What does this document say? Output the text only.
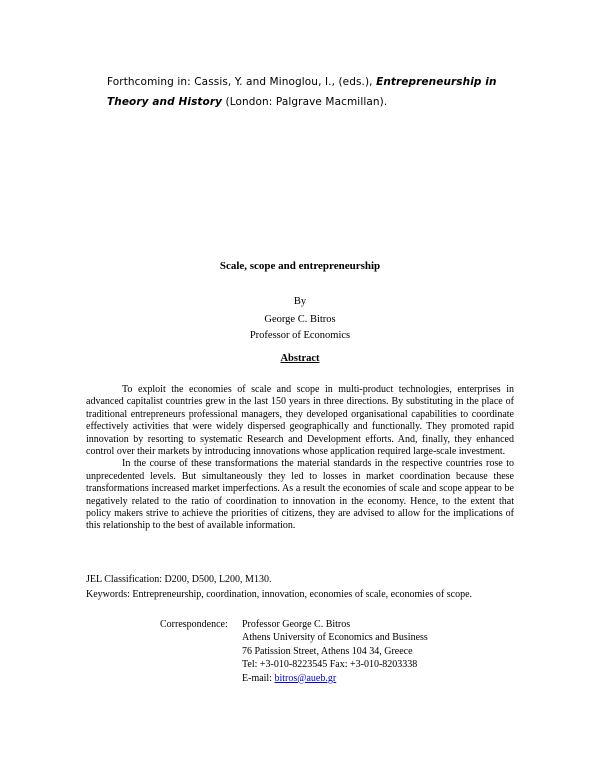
Forthcoming in: Cassis, Y. and Minoglou, I., (eds.), Entrepreneurship in Theory and History (London: Palgrave Macmillan).
Scale, scope and entrepreneurship
By
George C. Bitros
Professor of Economics
Abstract

To exploit the economies of scale and scope in multi-product technologies, enterprises in advanced capitalist countries grew in the last 150 years in three directions. By substituting in the place of traditional entrepreneurs professional managers, they developed organisational capabilities to coordinate effectively activities that were widely dispersed geographically and functionally. They promoted rapid innovation by resorting to systematic Research and Development efforts. And, finally, they enhanced control over their markets by introducing innovations whose application required large-scale investment.

In the course of these transformations the material standards in the respective countries rose to unprecedented levels. But simultaneously they led to losses in market coordination because these transformations increased market imperfections. As a result the economies of scale and scope appear to be negatively related to the ratio of coordination to innovation in the economy. Hence, to the extent that policy makers strive to achieve the priorities of citizens, they are advised to allow for the implications of this relationship to the best of available information.

JEL Classification: D200, D500, L200, M130.
Keywords: Entrepreneurship, coordination, innovation, economies of scale, economies of scope.
Correspondence: Professor George C. Bitros
Athens University of Economics and Business
76 Patission Street, Athens 104 34, Greece
Tel: +3-010-8223545 Fax: +3-010-8203338
E-mail: bitros@aueb.gr
